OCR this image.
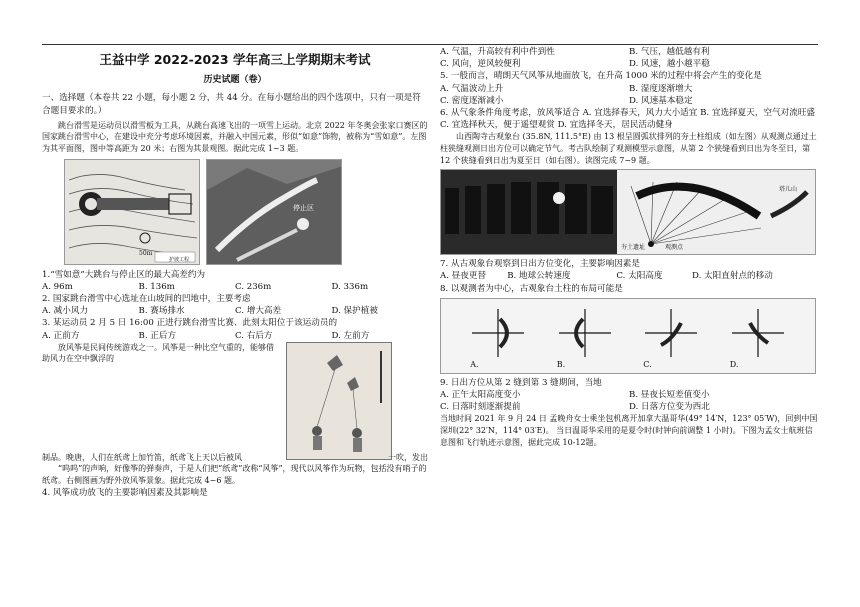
王益中学 2022-2023 学年高三上学期期末考试
历史试题（卷）
一、选择题（本卷共 22 小题，每小题 2 分，共 44 分。在每小题给出的四个选项中，只有一项是符合题目要求的。）
跳台滑雪是运动员以滑雪板为工具，从跳台高速飞出的一项雪上运动。北京 2022 年冬奥会张家口赛区的国家跳台滑雪中心，在建设中充分考虑环境因素，并融入中国元素，形似“如意”饰物，被称为“雪如意”。左图为其平面图，图中等高距为 20 米；右图为其景观图。据此完成 1~3 题。
50m
护坡工程
停止区
1.“雪如意”大跳台与停止区的最大高差约为
A. 96m	B. 136m	C. 236m	D. 336m
2. 国家跳台滑雪中心选址在山坡间的凹地中，主要考虑
A. 减小风力	B. 赛场排水	C. 增大高差	D. 保护植被
3. 某运动员 2 月 5 日 16:00 正进行跳台滑雪比赛、此刻太阳位于该运动员的
A. 正前方	B. 正后方	C. 右后方	D. 左前方
放风筝是民间传统游戏之一。风筝是一种比空气重的，能够借助风力在空中飘浮的
制品。晚唐，人们在纸鸢上加竹笛，纸鸢飞上天以后被风	一吹，发出
“呜呜”的声响，好像筝的弹奏声，于是人们把“纸鸢”改称“风筝”，现代以风筝作为玩物，包括没有哨子的纸鸢。右侧图画为野外放风筝景象。据此完成 4~6 题。
4. 风筝成功放飞的主要影响因素及其影响是
A. 气温，升高较有利中件到性	B. 气压，越低越有利
C. 风向，逆风较便利	D. 风速，越小越平稳
5. 一般而言，晴朗天气风筝从地面放飞，在升高 1000 米的过程中将会产生的变化是
A. 气温波动上升	B. 湿度逐渐增大
C. 密度逐渐减小	D. 风速基本稳定
6. 从气象条件角度考虑，放风筝适合 A. 宜选择春天，风力大小适宜 B. 宜选择夏天，空气对流旺盛 C. 宜选择秋天，便于遥望观赏 D. 宜选择冬天，居民活动健身
山西陶寺古观象台 (35.8N, 111.5°E) 由 13 根呈圆弧状排列的夯土柱组成（如左图）从观测点通过土柱狭缝观测日出方位可以确定节气。考古队绘制了观测模型示意图，从第 2 个狭缝看到日出为冬至日，第 12 个狭缝看到日出为夏至日（如右图）。读图完成 7~9 题。
塔儿山
夯土遗址	观测点
7. 从古观象台观察到日出方位变化，主要影响因素是
A. 昼夜更替	B. 地球公转速度	C. 太阳高度	D. 太阳直射点的移动
8. 以观测者为中心，古观象台土柱的布局可能是
A.	B.	C.	D.
9. 日出方位从第 2 缝到第 3 缝期间，当地
A. 正午太阳高度变小	B. 昼夜长短差值变小
C. 日落时刻逐渐提前	D. 日落方位变为西北
当地时间 2021 年 9 月 24 日 孟晚舟女士乘坐包机离开加拿大温哥华(49° 14′N，123° 05′W)，回到中国深圳(22° 32′N，114° 03′E)。 当日温哥华采用的是夏令时(时钟向前调整 1 小时)。下图为孟女士航班信息图和飞行轨迹示意图，据此完成 10-12题。
